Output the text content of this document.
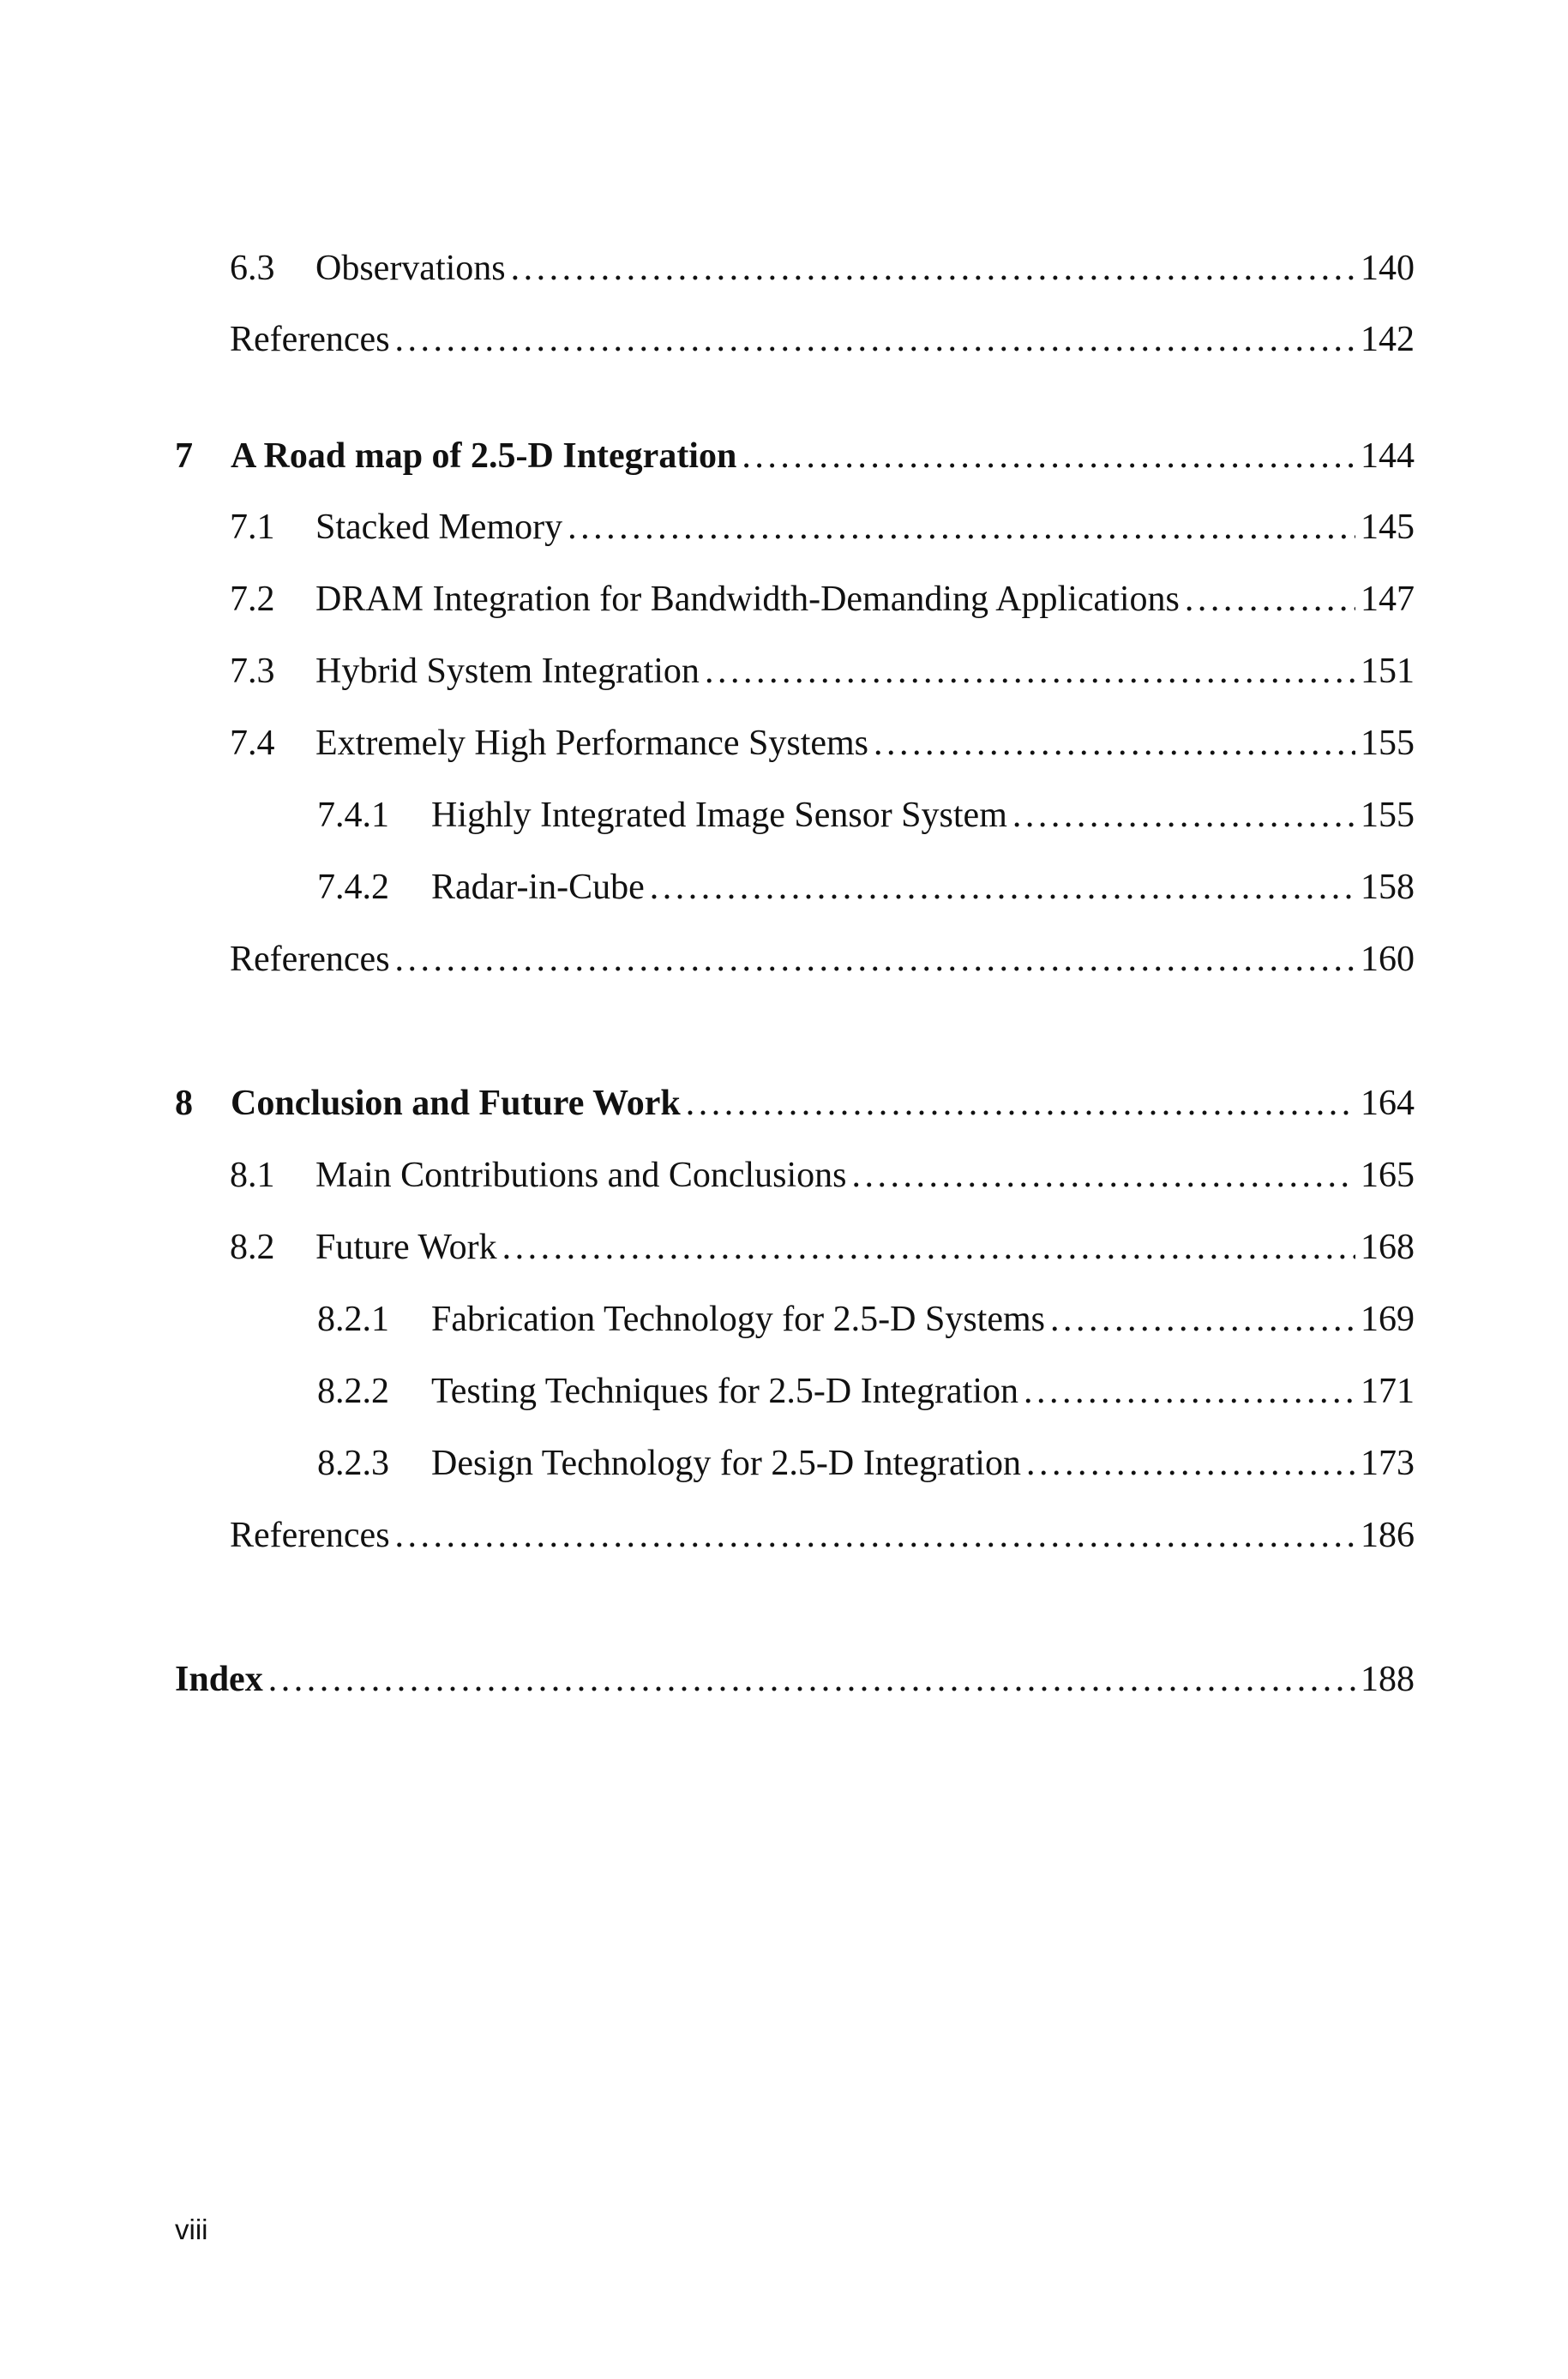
6.3	Observations . . .	140
References . . .	142
7	A Road map of 2.5-D Integration . . .	144
7.1	Stacked Memory . . .	145
7.2	DRAM Integration for Bandwidth-Demanding Applications . . .	147
7.3	Hybrid System Integration . . .	151
7.4	Extremely High Performance Systems . . .	155
7.4.1	Highly Integrated Image Sensor System . . .	155
7.4.2	Radar-in-Cube . . .	158
References . . .	160
8	Conclusion and Future Work . . .	164
8.1	Main Contributions and Conclusions . . .	165
8.2	Future Work . . .	168
8.2.1	Fabrication Technology for 2.5-D Systems . . .	169
8.2.2	Testing Techniques for 2.5-D Integration . . .	171
8.2.3	Design Technology for 2.5-D Integration . . .	173
References . . .	186
Index . . .	188
viii
